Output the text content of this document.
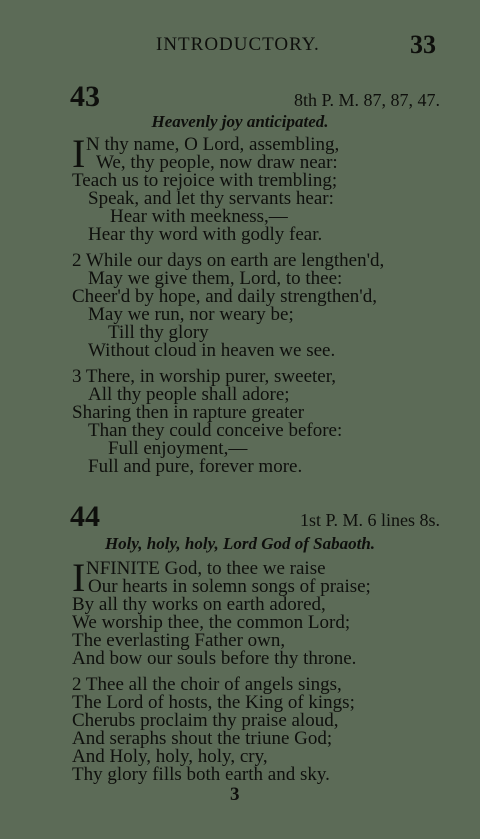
INTRODUCTORY.	33
43	8th P. M. 87, 87, 47.
Heavenly joy anticipated.
I N thy name, O Lord, assembling,
We, thy people, now draw near:
Teach us to rejoice with trembling;
Speak, and let thy servants hear:
Hear with meekness,—
Hear thy word with godly fear.
2 While our days on earth are lengthen'd,
May we give them, Lord, to thee:
Cheer'd by hope, and daily strengthen'd,
May we run, nor weary be;
Till thy glory
Without cloud in heaven we see.
3 There, in worship purer, sweeter,
All thy people shall adore;
Sharing then in rapture greater
Than they could conceive before:
Full enjoyment,—
Full and pure, forever more.
44	1st P. M. 6 lines 8s.
Holy, holy, holy, Lord God of Sabaoth.
I NFINITE God, to thee we raise
Our hearts in solemn songs of praise;
By all thy works on earth adored,
We worship thee, the common Lord;
The everlasting Father own,
And bow our souls before thy throne.
2 Thee all the choir of angels sings,
The Lord of hosts, the King of kings;
Cherubs proclaim thy praise aloud,
And seraphs shout the triune God;
And Holy, holy, holy, cry,
Thy glory fills both earth and sky.
3
